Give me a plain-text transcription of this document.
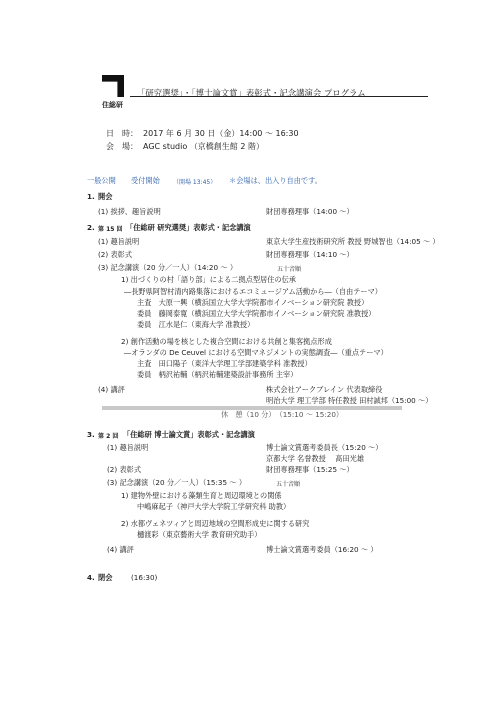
住総研
「研究選奨」・「博士論文賞」表彰式・記念講演会 プログラム
日　時： 2017 年 6 月 30 日（金）14:00 〜 16:30
会　場： AGC studio （京橋創生館 2 階）
一般公開 受付開始 （開場 13:45） ＊会場は、出入り自由です。
1. 開会
(1) 挨拶、趣旨説明	財団専務理事（14:00 〜）
2. 第 15 回 「住総研 研究選奨」表彰式・記念講演
(1) 趣旨説明	東京大学生産技術研究所 教授 野城智也（14:05 〜 ）
(2) 表彰式	財団専務理事（14:10 〜）
(3) 記念講演（20 分／一人）（14:20 〜 ）	五十音順
1) 出づくりの村「語り部」による二拠点型居住の伝承
―長野県阿智村清内路集落におけるエコミュージアム活動から―（自由テーマ）
主査　大原一興（横浜国立大学大学院都市イノベーション研究院 教授）
委員　藤岡泰寛（横浜国立大学大学院都市イノベーション研究院 准教授）
委員　江水是仁（東海大学 准教授）
2) 創作活動の場を核とした複合空間における共創と集客拠点形成
―オランダの De Ceuvel における空間マネジメントの実態調査―（重点テーマ）
主査　田口陽子（東洋大学理工学部建築学科 准教授）
委員　柄沢祐輔（柄沢祐輔建築設計事務所 主宰）
(4) 講評	株式会社アークブレイン 代表取締役
明治大学 理工学部 特任教授 田村誠邦（15:00 〜）
休　憩（10 分）　（15:10 〜 15:20）
3. 第 2 回 「住総研 博士論文賞」表彰式・記念講演
(1) 趣旨説明	博士論文賞選考委員長（15:20 〜）
京都大学 名誉教授　 髙田光雄
(2) 表彰式	財団専務理事（15:25 〜）
(3) 記念講演（20 分／一人）（15:35 〜 ）	五十音順
1) 建物外壁における藻類生育と周辺環境との関係
中嶋麻起子（神戸大学大学院工学研究科 助教）
2) 水都ヴェネツィアと周辺地域の空間形成史に関する研究
樋渡彩（東京藝術大学 教育研究助手）
(4) 講評	博士論文賞選考委員（16:20 〜 ）
4. 閉会	(16:30)
